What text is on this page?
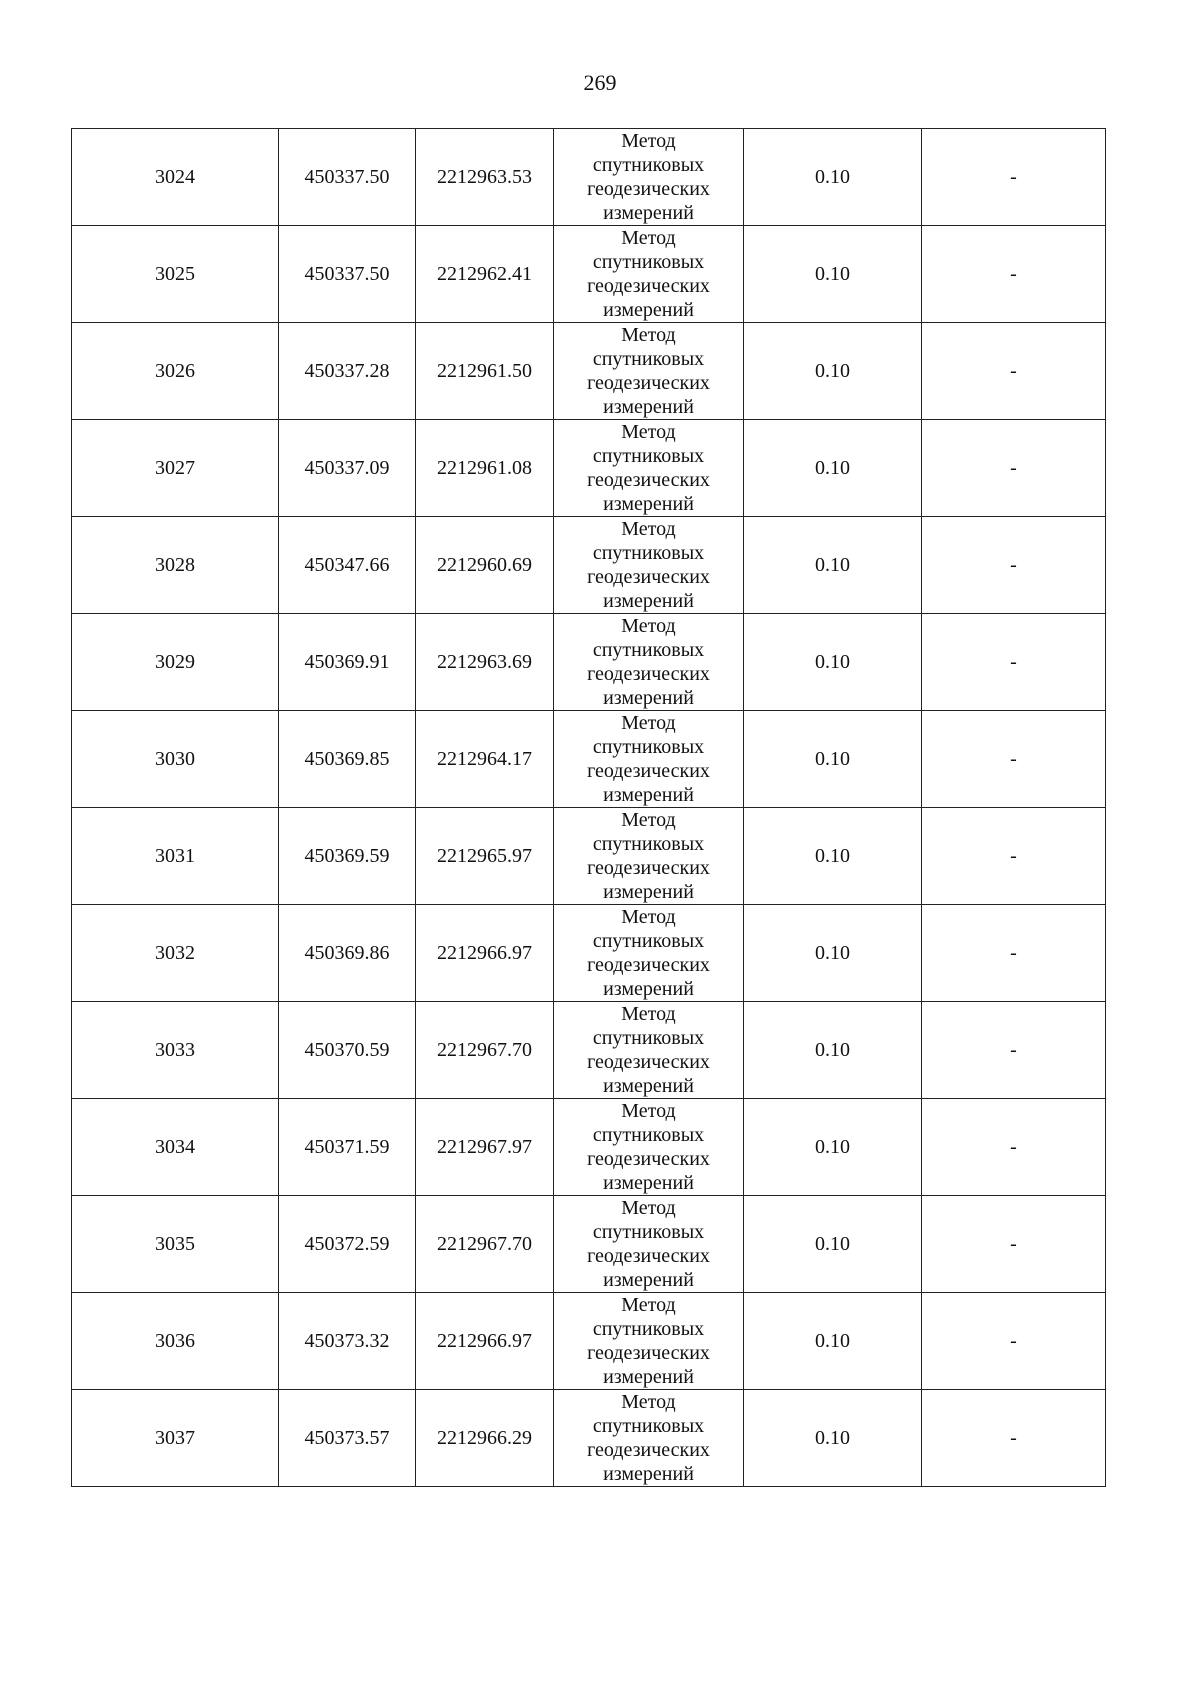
269
3024	450337.50	2212963.53	Метод
спутниковых
геодезических
измерений	0.10	-
3025	450337.50	2212962.41	Метод
спутниковых
геодезических
измерений	0.10	-
3026	450337.28	2212961.50	Метод
спутниковых
геодезических
измерений	0.10	-
3027	450337.09	2212961.08	Метод
спутниковых
геодезических
измерений	0.10	-
3028	450347.66	2212960.69	Метод
спутниковых
геодезических
измерений	0.10	-
3029	450369.91	2212963.69	Метод
спутниковых
геодезических
измерений	0.10	-
3030	450369.85	2212964.17	Метод
спутниковых
геодезических
измерений	0.10	-
3031	450369.59	2212965.97	Метод
спутниковых
геодезических
измерений	0.10	-
3032	450369.86	2212966.97	Метод
спутниковых
геодезических
измерений	0.10	-
3033	450370.59	2212967.70	Метод
спутниковых
геодезических
измерений	0.10	-
3034	450371.59	2212967.97	Метод
спутниковых
геодезических
измерений	0.10	-
3035	450372.59	2212967.70	Метод
спутниковых
геодезических
измерений	0.10	-
3036	450373.32	2212966.97	Метод
спутниковых
геодезических
измерений	0.10	-
3037	450373.57	2212966.29	Метод
спутниковых
геодезических
измерений	0.10	-
